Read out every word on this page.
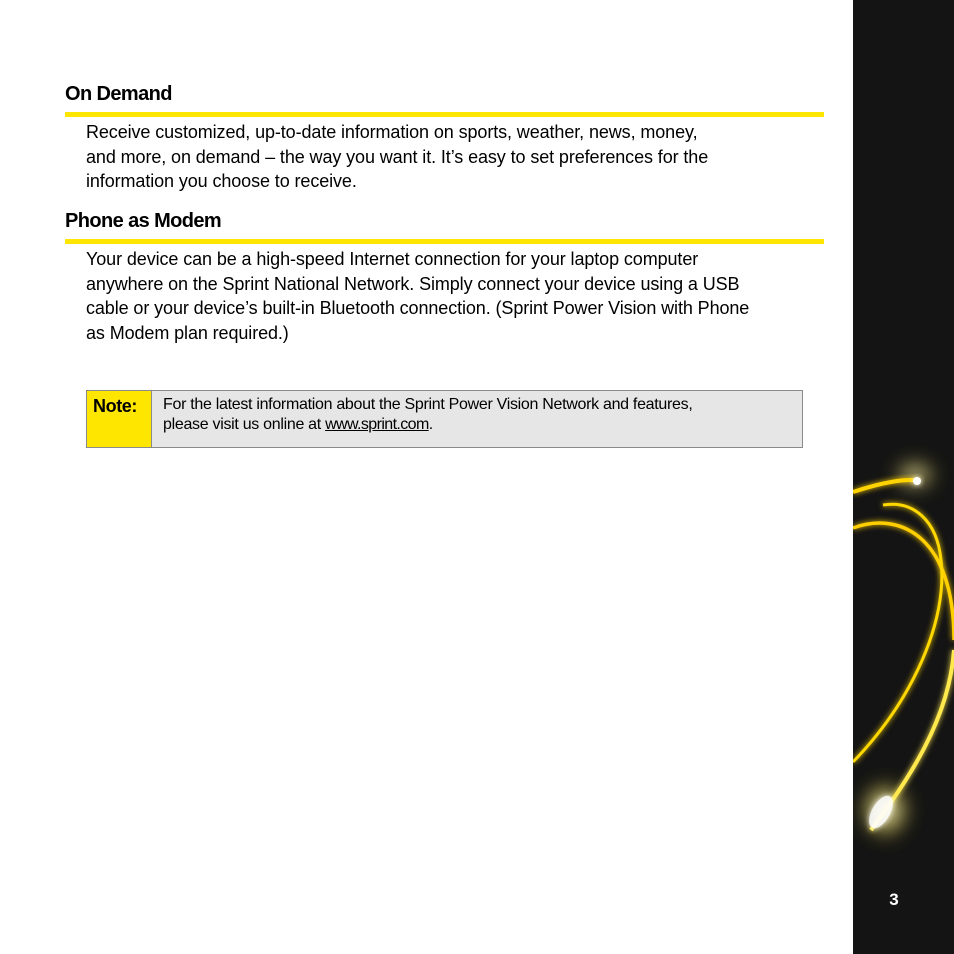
On Demand
Receive customized, up-to-date information on sports, weather, news, money,
and more, on demand – the way you want it. It’s easy to set preferences for the
information you choose to receive.
Phone as Modem
Your device can be a high-speed Internet connection for your laptop computer
anywhere on the Sprint National Network. Simply connect your device using a USB
cable or your device’s built-in Bluetooth connection. (Sprint Power Vision with Phone
as Modem plan required.)
Note:	For the latest information about the Sprint Power Vision Network and features,
please visit us online at www.sprint.com.
3
